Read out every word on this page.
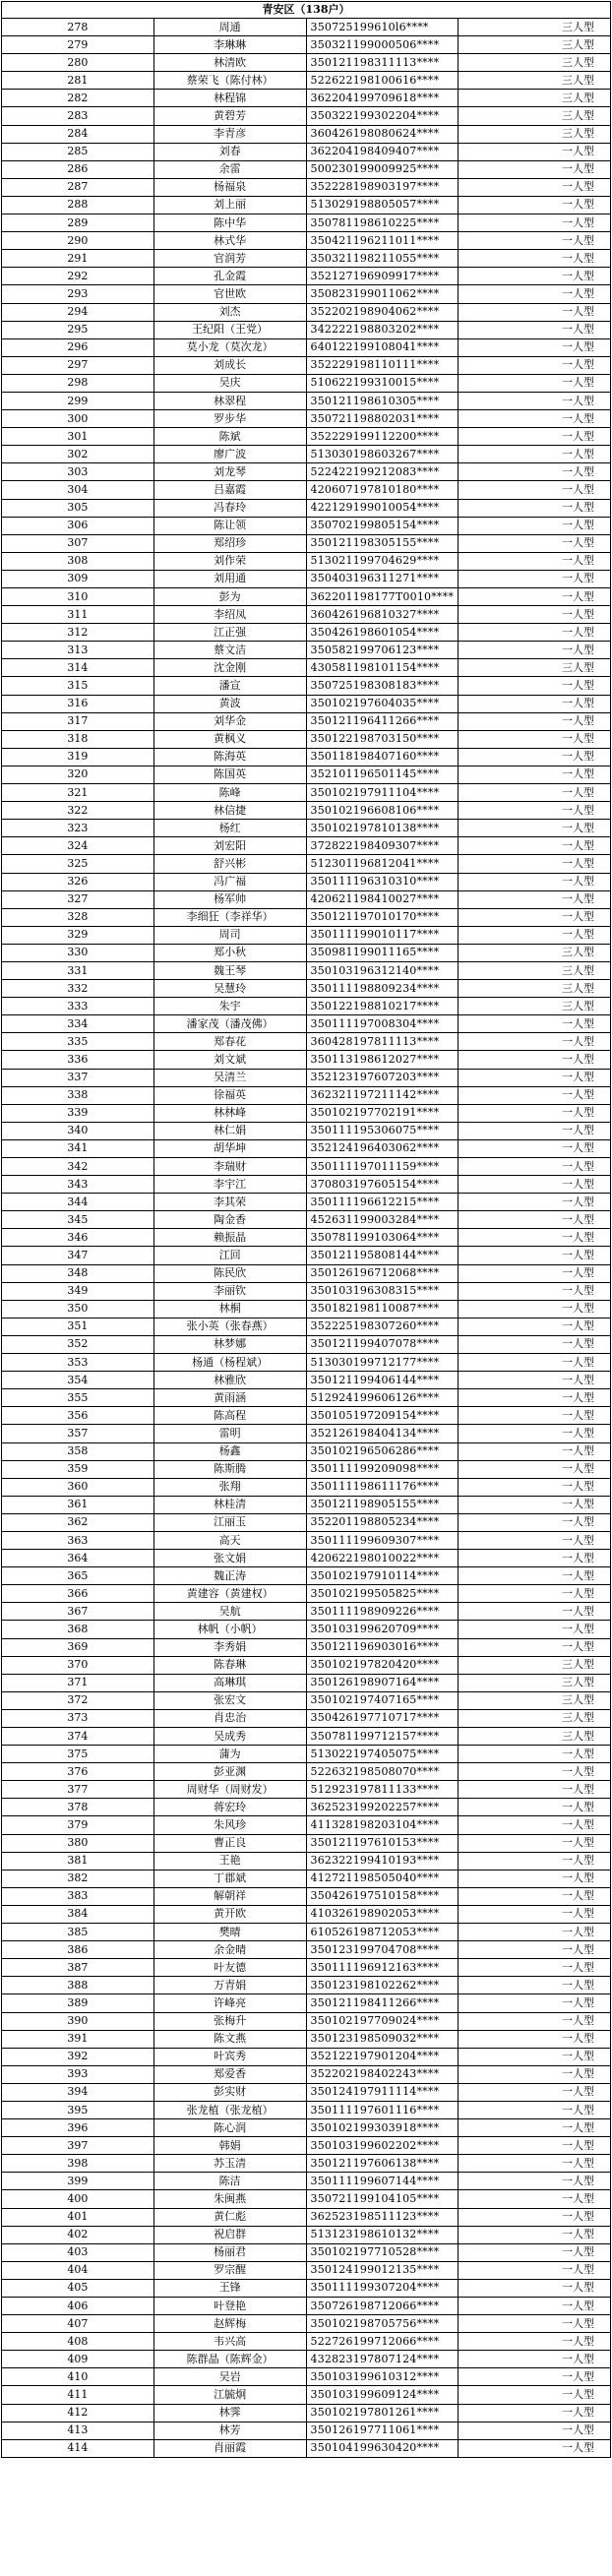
青安区（138户）			
278	周通	350725199610l6****	三人型
279	李琳琳	350321199000506****	三人型
280	林清欧	350121198311113****	三人型
281	蔡荣飞（陈付林）	522622198100616****	三人型
282	林程锦	362204199709618****	三人型
283	黄碧芳	350322199302204****	三人型
284	李青彦	360426198080624****	三人型
285	刘春	362204198409407****	一人型
286	余雷	500230199009925****	一人型
287	杨福泉	352228198903197****	一人型
288	刘上丽	513029198805057****	一人型
289	陈中华	350781198610225****	一人型
290	林式华	350421196211011****	一人型
291	官润芳	350321198211055****	一人型
292	孔金霞	352127196909917****	一人型
293	官世欧	350823199011062****	一人型
294	刘杰	352202198904062****	一人型
295	王纪阳（王党）	342222198803202****	一人型
296	莫小龙（莫次龙）	640122199108041****	一人型
297	刘成长	352229198110111****	一人型
298	吴庆	510622199310015****	一人型
299	林翠程	350121198610305****	一人型
300	罗步华	350721198802031****	一人型
301	陈斌	352229199112200****	一人型
302	廖广波	513030198603267****	一人型
303	刘龙琴	522422199212083****	一人型
304	吕嘉霞	420607197810180****	一人型
305	冯春玲	422129199010054****	一人型
306	陈让领	350702199805154****	一人型
307	郑绍珍	350121198305155****	一人型
308	刘作荣	513021199704629****	一人型
309	刘用通	350403196311271****	一人型
310	彭为	362201198177T0010****	一人型
311	李绍凤	360426196810327****	一人型
312	江正强	350426198601054****	一人型
313	蔡文洁	350582199706123****	一人型
314	沈金刚	430581198101154****	三人型
315	潘宣	350725198308183****	一人型
316	黄波	350102197604035****	一人型
317	刘华金	350121196411266****	一人型
318	黄枫义	350122198703150****	一人型
319	陈海英	350118198407160****	一人型
320	陈国英	352101196501145****	一人型
321	陈峰	350102197911104****	一人型
322	林信捷	350102196608106****	一人型
323	杨红	350102197810138****	一人型
324	刘宏阳	372822198409307****	一人型
325	舒兴彬	512301196812041****	一人型
326	冯广福	350111196310310****	一人型
327	杨军帅	420621198410027****	一人型
328	李细狂（李祥华）	350121197010170****	一人型
329	周司	350111199010117****	一人型
330	郑小秋	350981199011165****	三人型
331	魏王琴	350103196312140****	三人型
332	吴慧玲	350111198809234****	三人型
333	朱宇	350122198810217****	三人型
334	潘家茂（潘茂佛）	350111197008304****	一人型
335	郑春花	360428197811113****	一人型
336	刘文斌	350113198612027****	一人型
337	吴清兰	352123197607203****	一人型
338	徐福英	362321197211142****	一人型
339	林林峰	350102197702191****	一人型
340	林仁娟	350111195306075****	一人型
341	胡华坤	352124196403062****	一人型
342	李瑞财	350111197011159****	一人型
343	李宇江	370803197605154****	一人型
344	李其荣	350111196612215****	一人型
345	陶金香	452631199003284****	一人型
346	赖振晶	350781199103064****	一人型
347	江回	350121195808144****	一人型
348	陈民欣	350126196712068****	一人型
349	李丽钦	350103196308315****	一人型
350	林桐	350182198110087****	一人型
351	张小英（张春燕）	352225198307260****	一人型
352	林梦娜	350121199407078****	一人型
353	杨通（杨程斌）	513030199712177****	一人型
354	林雅欣	350121199406144****	一人型
355	黄雨涵	512924199606126****	一人型
356	陈高程	350105197209154****	一人型
357	雷明	352126198404134****	一人型
358	杨鑫	350102196506286****	一人型
359	陈斯腾	350111199209098****	一人型
360	张翔	350111198611176****	一人型
361	林桂清	350121198905155****	一人型
362	江丽玉	352201198805234****	一人型
363	高天	350111199609307****	一人型
364	张文娟	420622198010022****	一人型
365	魏正涛	350102197910114****	一人型
366	黄建容（黄建权）	350102199505825****	一人型
367	吴航	350111198909226****	一人型
368	林帆（小帆）	350103199620709****	一人型
369	李秀娟	350121196903016****	一人型
370	陈春琳	350102197820420****	三人型
371	高琳琪	350126198907164****	三人型
372	张宏文	350102197407165****	三人型
373	肖忠治	350426197710717****	三人型
374	吴成秀	350781199712157****	三人型
375	蒲为	513022197405075****	一人型
376	彭亚渊	522632198508070****	一人型
377	周财华（周财发）	512923197811133****	一人型
378	蒋宏玲	362523199202257****	一人型
379	朱风珍	411328198203104****	一人型
380	曹正良	350121197610153****	一人型
381	王艳	362322199410193****	一人型
382	丁郡斌	412721198505040****	一人型
383	解朝祥	350426197510158****	一人型
384	黄开欧	410326198902053****	一人型
385	樊晴	610526198712053****	一人型
386	余金晴	350123199704708****	一人型
387	叶友德	350111196912163****	一人型
388	万青娟	350123198102262****	一人型
389	许峰亮	350121198411266****	一人型
390	张梅升	350102197709024****	一人型
391	陈文燕	350123198509032****	一人型
392	叶宾秀	352122197901204****	一人型
393	郑爱香	352202198402243****	一人型
394	彭实财	350124197911114****	一人型
395	张龙植（张龙植）	350111197601116****	一人型
396	陈心润	350102199303918****	一人型
397	韩娟	350103199602202****	一人型
398	苏玉清	350121197606138****	一人型
399	陈洁	350111199607144****	一人型
400	朱闽燕	350721199104105****	一人型
401	黄仁彪	362523198511123****	一人型
402	祝启群	513123198610132****	一人型
403	杨丽君	350102197710528****	一人型
404	罗宗醒	350124199012135****	一人型
405	王锋	350111199307204****	一人型
406	叶登艳	350726198712066****	一人型
407	赵辉梅	350102198705756****	一人型
408	韦兴高	522726199712066****	一人型
409	陈群晶（陈辉金）	432823197807124****	一人型
410	吴岩	350103199610312****	一人型
411	江毓炯	350103199609124****	一人型
412	林霁	350102197801261****	一人型
413	林芳	350126197711061****	一人型
414	肖丽霞	350104199630420****	一人型
